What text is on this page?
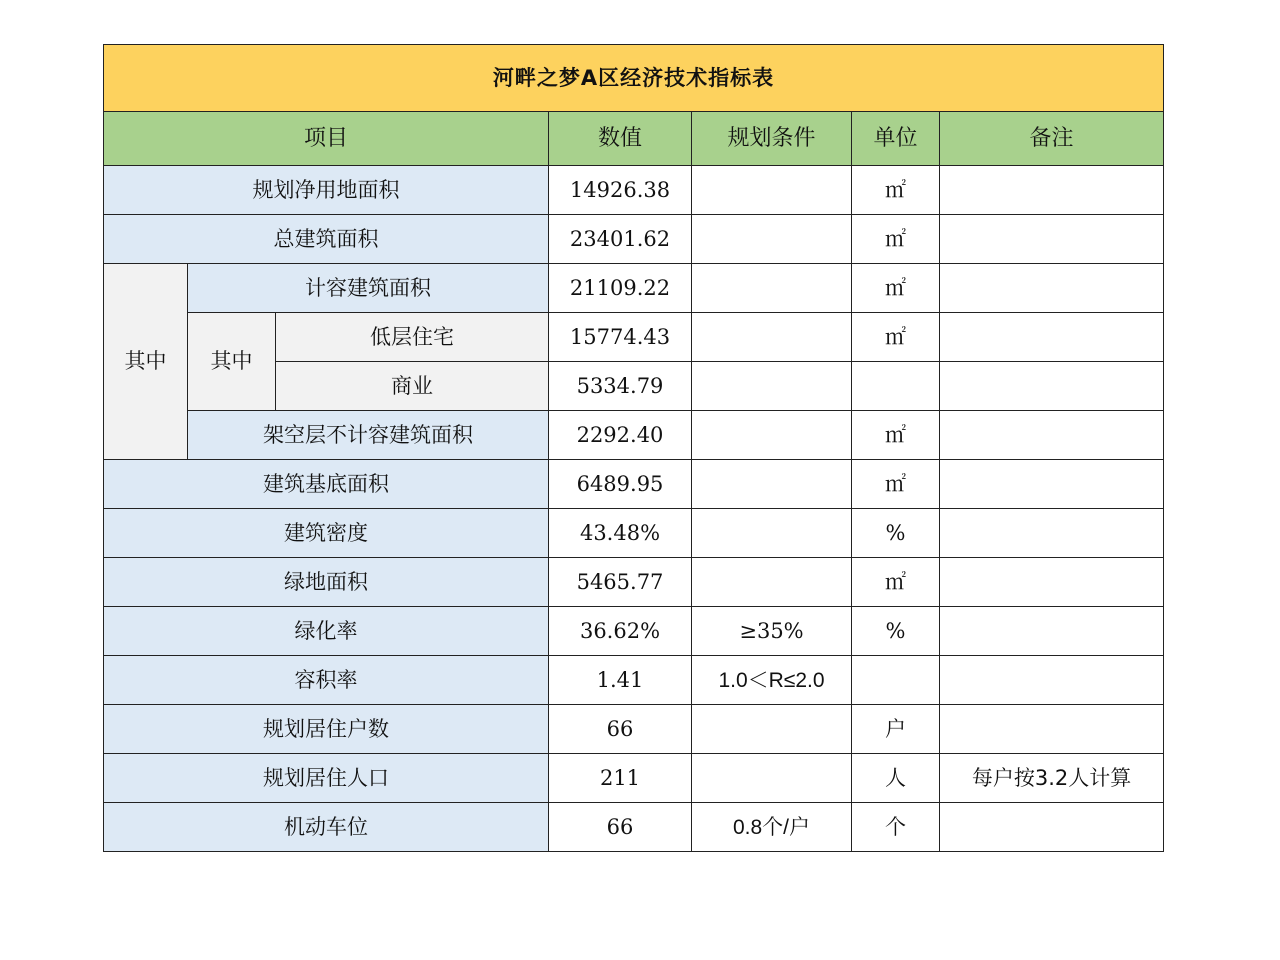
河畔之梦A区经济技术指标表						
项目			数值	规划条件	单位	备注
规划净用地面积			14926.38		㎡	
总建筑面积			23401.62		㎡	
其中	计容建筑面积		21109.22		㎡	
	其中	低层住宅	15774.43		㎡	
		商业	5334.79			
	架空层不计容建筑面积		2292.40		㎡	
建筑基底面积			6489.95		㎡	
建筑密度			43.48%		%	
绿地面积			5465.77		㎡	
绿化率			36.62%	≥35%	%	
容积率			1.41	1.0＜R≤2.0		
规划居住户数			66		户	
规划居住人口			211		人	每户按3.2人计算
机动车位			66	0.8个/户	个	
